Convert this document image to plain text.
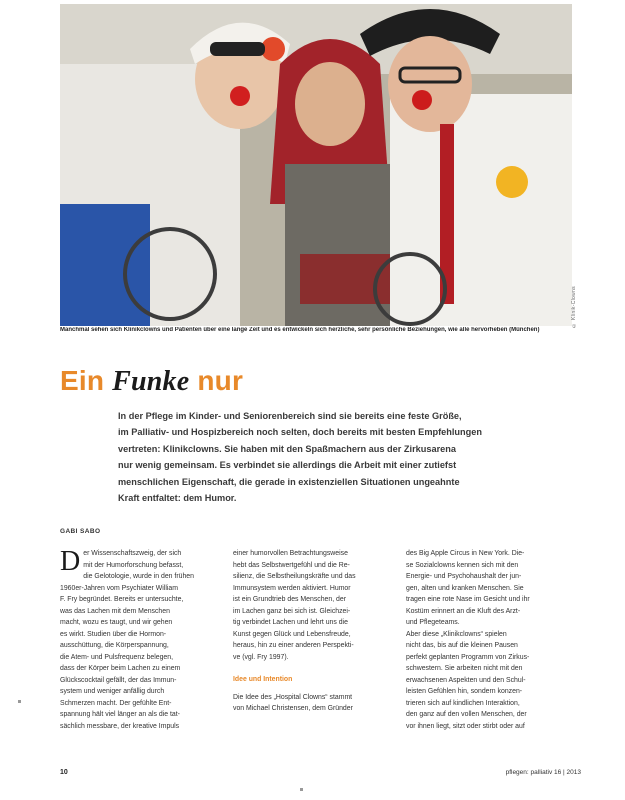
© Klinik-Clowns
Manchmal sehen sich Klinikclowns und Patienten über eine lange Zeit und es entwickeln sich herzliche, sehr persönliche Beziehungen, wie alle hervorheben (München)
Ein Funke nur
In der Pflege im Kinder- und Seniorenbereich sind sie bereits eine feste Größe,
im Palliativ- und Hospizbereich noch selten, doch bereits mit besten Empfehlungen
vertreten: Klinikclowns. Sie haben mit den Spaßmachern aus der Zirkusarena
nur wenig gemeinsam. Es verbindet sie allerdings die Arbeit mit einer zutiefst
menschlichen Eigenschaft, die gerade in existenziellen Situationen ungeahnte
Kraft entfaltet: dem Humor.
GABI SABO
D er Wissenschaftszweig, der sich
mit der Humorforschung befasst,
die Gelotologie, wurde in den frühen
1960er-Jahren vom Psychiater William
F. Fry begründet. Bereits er untersuchte,
was das Lachen mit dem Menschen
macht, wozu es taugt, und wir gehen
es wirkt. Studien über die Hormon-
ausschüttung, die Körperspannung,
die Atem- und Pulsfrequenz belegen,
dass der Körper beim Lachen zu einem
Glückscocktail gefällt, der das Immun-
system und weniger anfällig durch
Schmerzen macht. Der gefühlte Ent-
spannung hält viel länger an als die tat-
sächlich messbare, der kreative Impuls
einer humorvollen Betrachtungsweise
hebt das Selbstwertgefühl und die Re-
silienz, die Selbstheilungskräfte und das
Immunsystem werden aktiviert. Humor
ist ein Grundtrieb des Menschen, der
im Lachen ganz bei sich ist. Gleichzei-
tig verbindet Lachen und lehrt uns die
Kunst gegen Glück und Lebensfreude,
heraus, hin zu einer anderen Perspekti-
ve (vgl. Fry 1997).
Idee und Intention
Die Idee des „Hospital Clowns“ stammt
von Michael Christensen, dem Gründer
des Big Apple Circus in New York. Die-
se Sozialclowns kennen sich mit den
Energie- und Psychohaushalt der jun-
gen, alten und kranken Menschen. Sie
tragen eine rote Nase im Gesicht und ihr
Kostüm erinnert an die Kluft des Arzt-
und Pflegeteams.
Aber diese „Klinikclowns“ spielen
nicht das, bis auf die kleinen Pausen
perfekt geplanten Programm von Zirkus-
schwestern. Sie arbeiten nicht mit den
erwachsenen Aspekten und den Schul-
leisten Gefühlen hin, sondern konzen-
trieren sich auf kindlichen Interaktion,
den ganz auf den vollen Menschen, der
vor ihnen liegt, sitzt oder stirbt oder auf
10	pflegen: palliativ 16 | 2013
